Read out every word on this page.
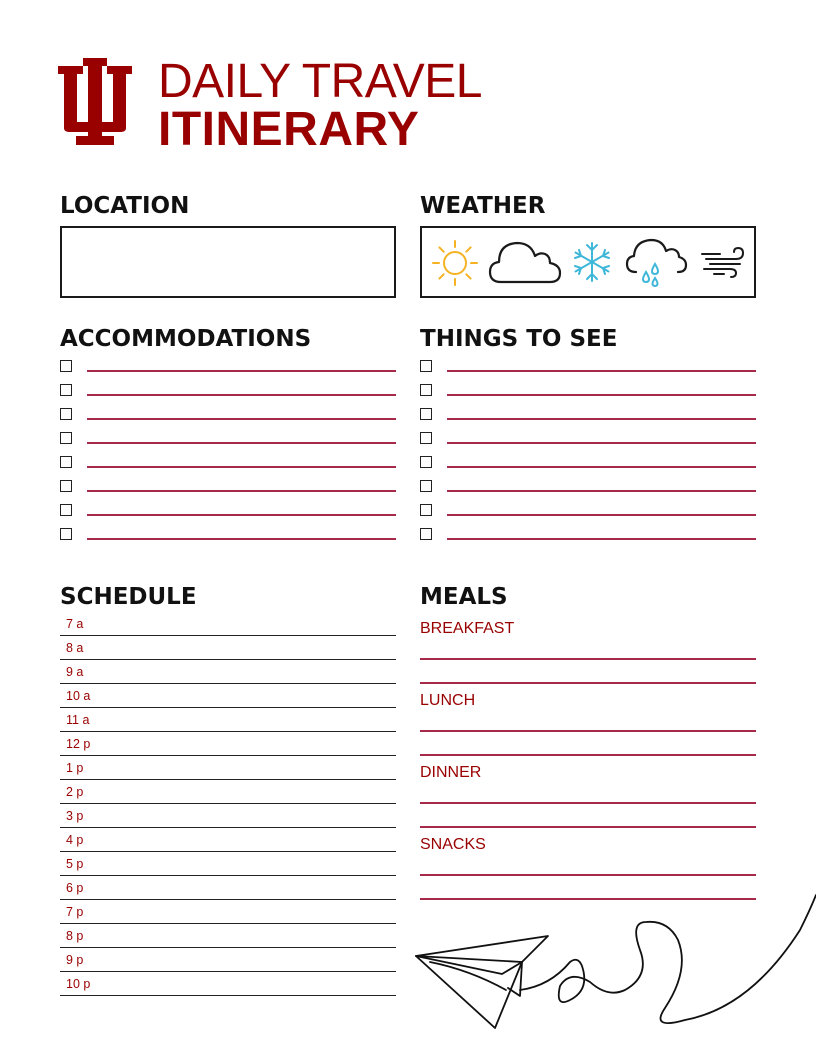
DAILY TRAVEL
ITINERARY
LOCATION	WEATHER
ACCOMMODATIONS	THINGS TO SEE
SCHEDULE
7 a
8 a
9 a
10 a
11 a
12 p
1 p
2 p
3 p
4 p
5 p
6 p
7 p
8 p
9 p
10 p
MEALS
BREAKFAST
LUNCH
DINNER
SNACKS
